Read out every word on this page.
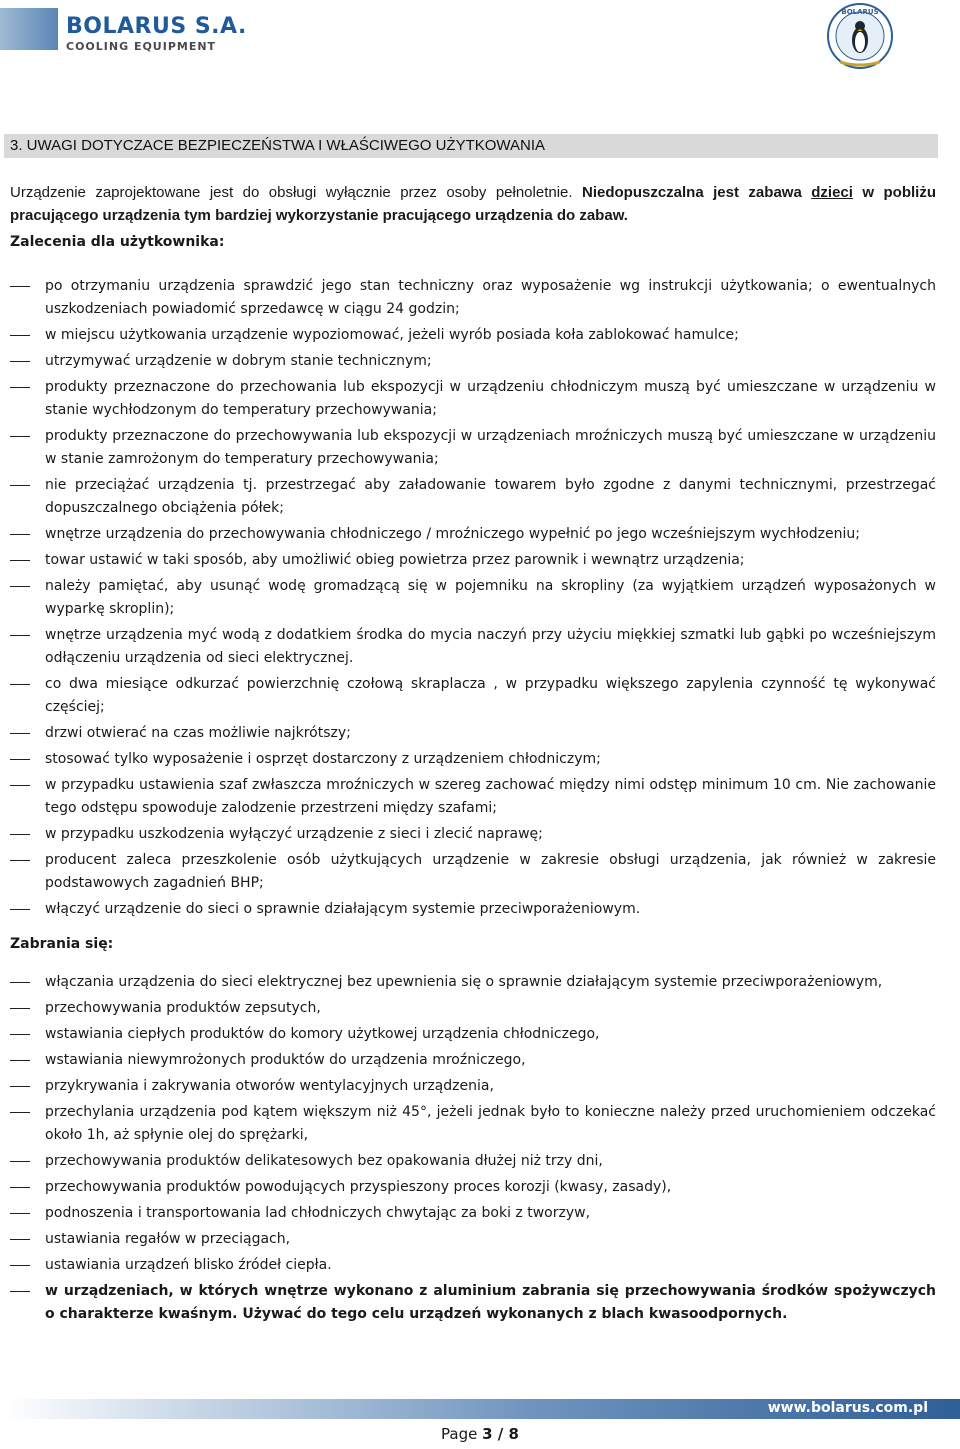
BOLARUS S.A.
COOLING EQUIPMENT
BOLARUS
3. UWAGI DOTYCZACE BEZPIECZEŃSTWA I WŁAŚCIWEGO UŻYTKOWANIA
Urządzenie zaprojektowane jest do obsługi wyłącznie przez osoby pełnoletnie. Niedopuszczalna jest zabawa dzieci w pobliżu pracującego urządzenia tym bardziej wykorzystanie pracującego urządzenia do zabaw.
Zalecenia dla użytkownika:
po otrzymaniu urządzenia sprawdzić jego stan techniczny oraz wyposażenie wg instrukcji użytkowania; o ewentualnych uszkodzeniach powiadomić sprzedawcę w ciągu 24 godzin;
w miejscu użytkowania urządzenie wypoziomować, jeżeli wyrób posiada koła zablokować hamulce;
utrzymywać urządzenie w dobrym stanie technicznym;
produkty przeznaczone do przechowania lub ekspozycji w urządzeniu chłodniczym muszą być umieszczane w urządzeniu w stanie wychłodzonym do temperatury przechowywania;
produkty przeznaczone do przechowywania lub ekspozycji w urządzeniach mroźniczych muszą być umieszczane w urządzeniu w stanie zamrożonym do temperatury przechowywania;
nie przeciążać urządzenia tj. przestrzegać aby załadowanie towarem było zgodne z danymi technicznymi, przestrzegać dopuszczalnego obciążenia półek;
wnętrze urządzenia do przechowywania chłodniczego / mroźniczego wypełnić po jego wcześniejszym wychłodzeniu;
towar ustawić w taki sposób, aby umożliwić obieg powietrza przez parownik i wewnątrz urządzenia;
należy pamiętać, aby usunąć wodę gromadzącą się w pojemniku na skropliny (za wyjątkiem urządzeń wyposażonych w wyparkę skroplin);
wnętrze urządzenia myć wodą z dodatkiem środka do mycia naczyń przy użyciu miękkiej szmatki lub gąbki po wcześniejszym odłączeniu urządzenia od sieci elektrycznej.
co dwa miesiące odkurzać powierzchnię czołową skraplacza , w przypadku większego zapylenia czynność tę wykonywać częściej;
drzwi otwierać na czas możliwie najkrótszy;
stosować tylko wyposażenie i osprzęt dostarczony z urządzeniem chłodniczym;
w przypadku ustawienia szaf zwłaszcza mroźniczych w szereg zachować między nimi odstęp minimum 10 cm. Nie zachowanie tego odstępu spowoduje zalodzenie przestrzeni między szafami;
w przypadku uszkodzenia wyłączyć urządzenie z sieci i zlecić naprawę;
producent zaleca przeszkolenie osób użytkujących urządzenie w zakresie obsługi urządzenia, jak również w zakresie podstawowych zagadnień BHP;
włączyć urządzenie do sieci o sprawnie działającym systemie przeciwporażeniowym.
Zabrania się:
włączania urządzenia do sieci elektrycznej bez upewnienia się o sprawnie działającym systemie przeciwporażeniowym,
przechowywania produktów zepsutych,
wstawiania ciepłych produktów do komory użytkowej urządzenia chłodniczego,
wstawiania niewymrożonych produktów do urządzenia mroźniczego,
przykrywania i zakrywania otworów wentylacyjnych urządzenia,
przechylania urządzenia pod kątem większym niż 45°, jeżeli jednak było to konieczne należy przed uruchomieniem odczekać około 1h, aż spłynie olej do sprężarki,
przechowywania produktów delikatesowych bez opakowania dłużej niż trzy dni,
przechowywania produktów powodujących przyspieszony proces korozji (kwasy, zasady),
podnoszenia i transportowania lad chłodniczych chwytając za boki z tworzyw,
ustawiania regałów w przeciągach,
ustawiania urządzeń blisko źródeł ciepła.
w urządzeniach, w których wnętrze wykonano z aluminium zabrania się przechowywania środków spożywczych o charakterze kwaśnym. Używać do tego celu urządzeń wykonanych z blach kwasoodpornych.
www.bolarus.com.pl
Page 3 / 8
